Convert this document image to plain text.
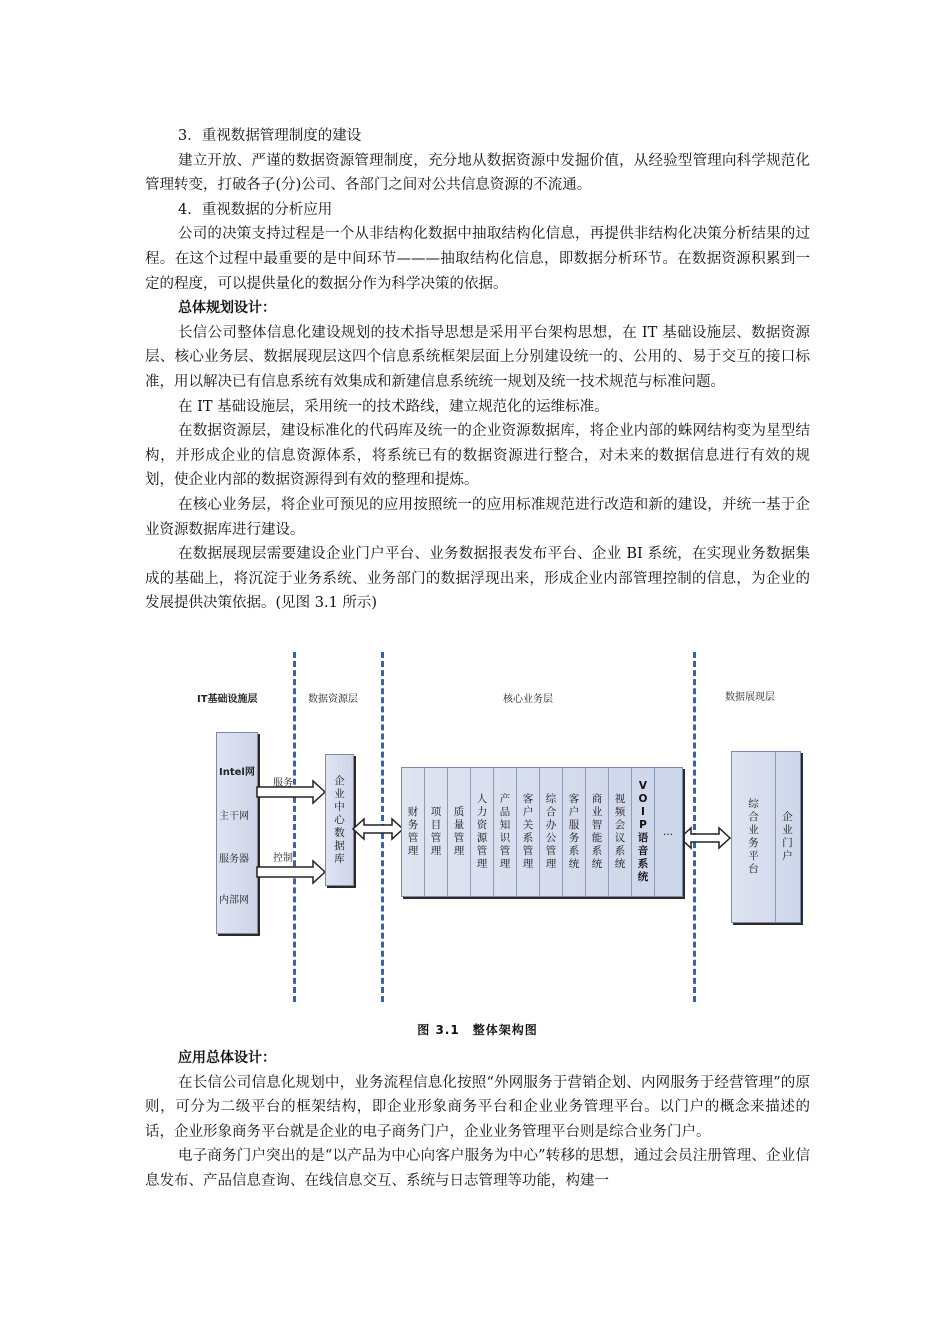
3．重视数据管理制度的建设

建立开放、严谨的数据资源管理制度，充分地从数据资源中发掘价值，从经验型管理向科学规范化管理转变，打破各子(分)公司、各部门之间对公共信息资源的不流通。

4．重视数据的分析应用

公司的决策支持过程是一个从非结构化数据中抽取结构化信息，再提供非结构化决策分析结果的过程。在这个过程中最重要的是中间环节———抽取结构化信息，即数据分析环节。在数据资源积累到一定的程度，可以提供量化的数据分作为科学决策的依据。

总体规划设计：

长信公司整体信息化建设规划的技术指导思想是采用平台架构思想，在 IT 基础设施层、数据资源层、核心业务层、数据展现层这四个信息系统框架层面上分别建设统一的、公用的、易于交互的接口标准，用以解决已有信息系统有效集成和新建信息系统统一规划及统一技术规范与标准问题。

在 IT 基础设施层，采用统一的技术路线，建立规范化的运维标准。

在数据资源层，建设标准化的代码库及统一的企业资源数据库，将企业内部的蛛网结构变为星型结构，并形成企业的信息资源体系，将系统已有的数据资源进行整合，对未来的数据信息进行有效的规划，使企业内部的数据资源得到有效的整理和提炼。

在核心业务层，将企业可预见的应用按照统一的应用标准规范进行改造和新的建设，并统一基于企业资源数据库进行建设。

在数据展现层需要建设企业门户平台、业务数据报表发布平台、企业 BI 系统，在实现业务数据集成的基础上，将沉淀于业务系统、业务部门的数据浮现出来，形成企业内部管理控制的信息，为企业的发展提供决策依据。(见图 3.1 所示)

IT基础设施层	数据资源层	核心业务层	数据展现层
Intel网
主干网
服务器
内部网
服务
控制
企业中心数据库
财务管理
项目管理
质量管理
人力资源管理
产品知识管理
客户关系管理
综合办公管理
客户服务系统
商业智能系统
视频会议系统
VOIP语音系统
...
综合业务平台
企业门户
图 3.1　整体架构图

应用总体设计：

在长信公司信息化规划中，业务流程信息化按照“外网服务于营销企划、内网服务于经营管理”的原则，可分为二级平台的框架结构，即企业形象商务平台和企业业务管理平台。以门户的概念来描述的话，企业形象商务平台就是企业的电子商务门户，企业业务管理平台则是综合业务门户。

电子商务门户突出的是“以产品为中心向客户服务为中心”转移的思想，通过会员注册管理、企业信息发布、产品信息查询、在线信息交互、系统与日志管理等功能，构建一
